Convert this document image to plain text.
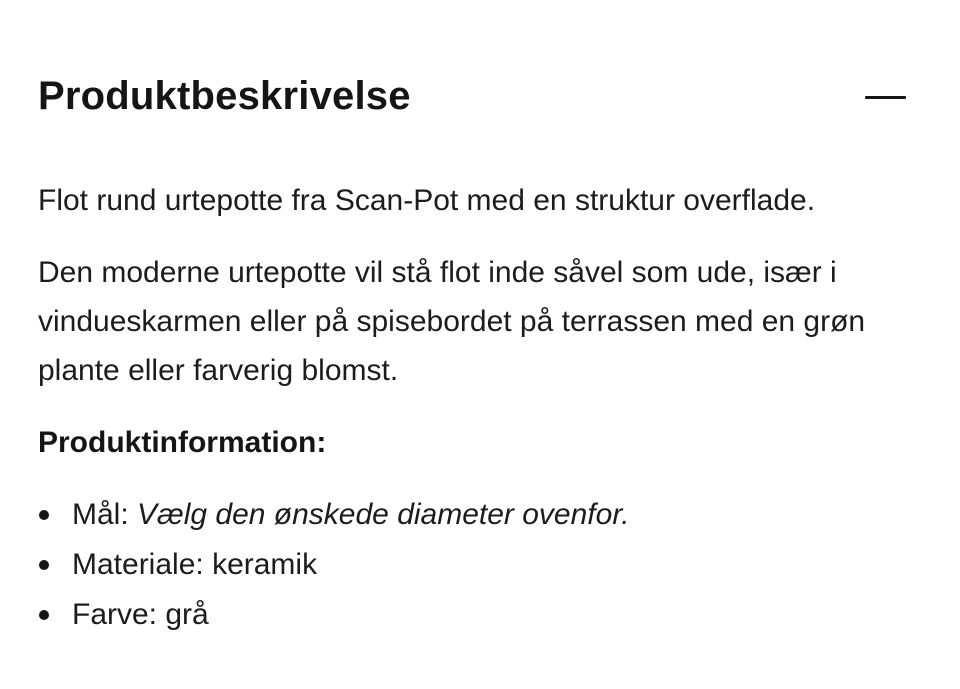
Produktbeskrivelse

Flot rund urtepotte fra Scan-Pot med en struktur overflade.

Den moderne urtepotte vil stå flot inde såvel som ude, især i vindueskarmen eller på spisebordet på terrassen med en grøn plante eller farverig blomst.

Produktinformation:

Mål: Vælg den ønskede diameter ovenfor.
Materiale: keramik
Farve: grå
